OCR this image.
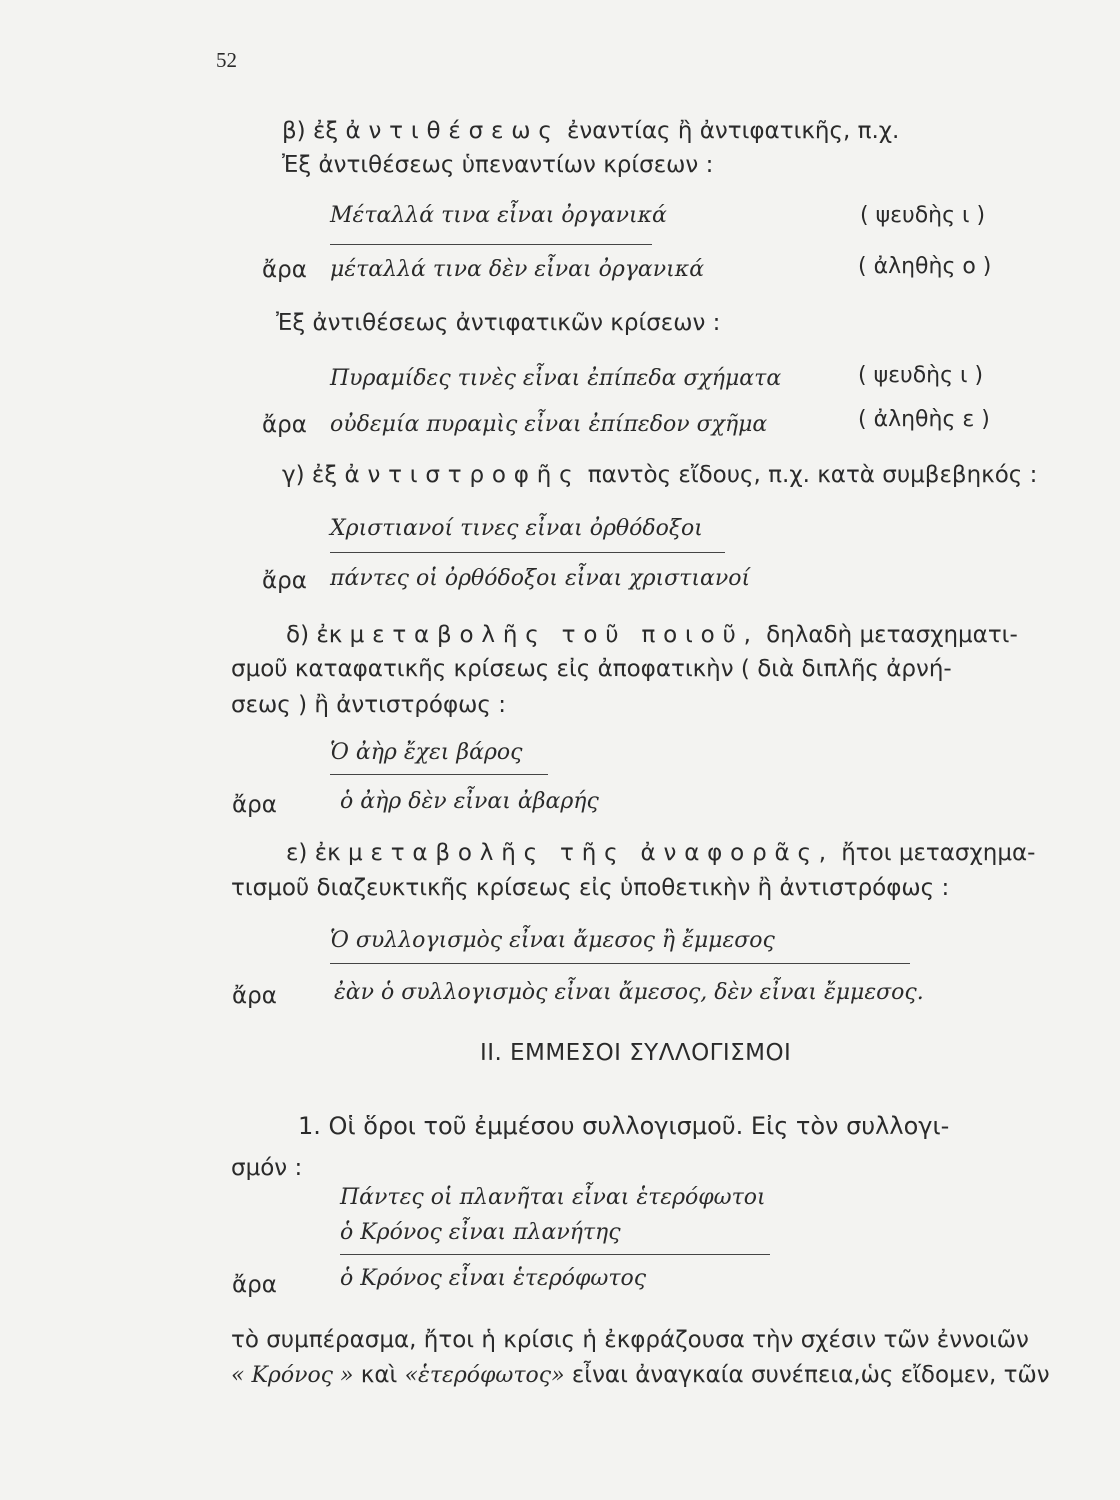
52
β) ἐξ ἀντιθέσεως ἐναντίας ἢ ἀντιφατικῆς, π.χ.
Ἐξ ἀντιθέσεως ὑπεναντίων κρίσεων :
Μέταλλά τινα εἶναι ὀργανικά	( ψευδὴς ι )
ἄρα μέταλλά τινα δὲν εἶναι ὀργανικά	( ἀληθὴς ο )
Ἐξ ἀντιθέσεως ἀντιφατικῶν κρίσεων :
Πυραμίδες τινὲς εἶναι ἐπίπεδα σχήματα	( ψευδὴς ι )
ἄρα οὐδεμία πυραμὶς εἶναι ἐπίπεδον σχῆμα	( ἀληθὴς ε )
γ) ἐξ ἀντιστροφῆς παντὸς εἴδους, π.χ. κατὰ συμβεβηκός :
Χριστιανοί τινες εἶναι ὀρθόδοξοι
ἄρα πάντες οἱ ὀρθόδοξοι εἶναι χριστιανοί
δ) ἐκ μεταβολῆς τοῦ ποιοῦ, δηλαδὴ μετασχηματι-
σμοῦ καταφατικῆς κρίσεως εἰς ἀποφατικὴν ( διὰ διπλῆς ἀρνή-
σεως ) ἢ ἀντιστρόφως :
Ὁ ἀὴρ ἔχει βάρος
ἄρα	ὁ ἀὴρ δὲν εἶναι ἀβαρής
ε) ἐκ μεταβολῆς τῆς ἀναφορᾶς, ἤτοι μετασχημα-
τισμοῦ διαζευκτικῆς κρίσεως εἰς ὑποθετικὴν ἢ ἀντιστρόφως :
Ὁ συλλογισμὸς εἶναι ἄμεσος ἢ ἔμμεσος
ἄρα	ἐὰν ὁ συλλογισμὸς εἶναι ἄμεσος, δὲν εἶναι ἔμμεσος.
ΙΙ. ΕΜΜΕΣΟΙ ΣΥΛΛΟΓΙΣΜΟΙ
1. Οἱ ὅροι τοῦ ἐμμέσου συλλογισμοῦ. Εἰς τὸν συλλογι-
σμόν :
Πάντες οἱ πλανῆται εἶναι ἑτερόφωτοι
ὁ Κρόνος εἶναι πλανήτης
ἄρα	ὁ Κρόνος εἶναι ἑτερόφωτος
τὸ συμπέρασμα, ἤτοι ἡ κρίσις ἡ ἐκφράζουσα τὴν σχέσιν τῶν ἐννοιῶν
« Κρόνος » καὶ «ἑτερόφωτος» εἶναι ἀναγκαία συνέπεια,ὡς εἴδομεν, τῶν
